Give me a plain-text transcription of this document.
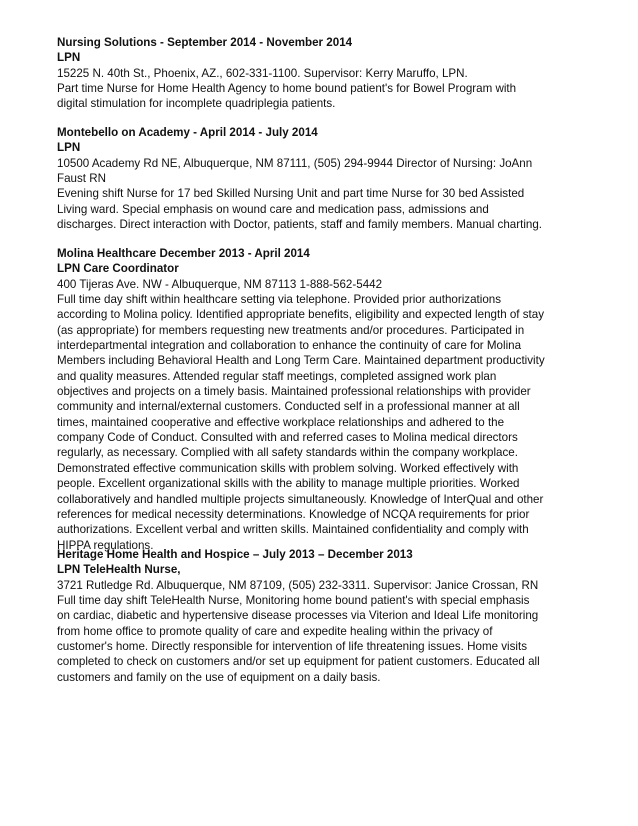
Nursing Solutions - September 2014 - November 2014

LPN

15225 N. 40th St., Phoenix, AZ., 602-331-1100. Supervisor: Kerry Maruffo, LPN.

Part time Nurse for Home Health Agency to home bound patient's for Bowel Program with

digital stimulation for incomplete quadriplegia patients.

Montebello on Academy - April 2014 - July 2014

LPN

10500 Academy Rd NE, Albuquerque, NM 87111, (505) 294-9944 Director of Nursing: JoAnn

Faust RN

Evening shift Nurse for 17 bed Skilled Nursing Unit and part time Nurse for 30 bed Assisted

Living ward. Special emphasis on wound care and medication pass, admissions and

discharges. Direct interaction with Doctor, patients, staff and family members. Manual charting.

Molina Healthcare December 2013 - April 2014

LPN Care Coordinator

400 Tijeras Ave. NW - Albuquerque, NM 87113 1-888-562-5442

Full time day shift within healthcare setting via telephone. Provided prior authorizations

according to Molina policy. Identified appropriate benefits, eligibility and expected length of stay

(as appropriate) for members requesting new treatments and/or procedures. Participated in

interdepartmental integration and collaboration to enhance the continuity of care for Molina

Members including Behavioral Health and Long Term Care. Maintained department productivity

and quality measures. Attended regular staff meetings, completed assigned work plan

objectives and projects on a timely basis. Maintained professional relationships with provider

community and internal/external customers. Conducted self in a professional manner at all

times, maintained cooperative and effective workplace relationships and adhered to the

company Code of Conduct. Consulted with and referred cases to Molina medical directors

regularly, as necessary. Complied with all safety standards within the company workplace.

Demonstrated effective communication skills with problem solving. Worked effectively with

people. Excellent organizational skills with the ability to manage multiple priorities. Worked

collaboratively and handled multiple projects simultaneously. Knowledge of InterQual and other

references for medical necessity determinations. Knowledge of NCQA requirements for prior

authorizations. Excellent verbal and written skills. Maintained confidentiality and comply with

HIPPA regulations.

Heritage Home Health and Hospice – July 2013 – December 2013

LPN TeleHealth Nurse,

3721 Rutledge Rd. Albuquerque, NM 87109, (505) 232-3311. Supervisor: Janice Crossan, RN

Full time day shift TeleHealth Nurse, Monitoring home bound patient's with special emphasis

on cardiac, diabetic and hypertensive disease processes via Viterion and Ideal Life monitoring

from home office to promote quality of care and expedite healing within the privacy of

customer's home. Directly responsible for intervention of life threatening issues. Home visits

completed to check on customers and/or set up equipment for patient customers. Educated all

customers and family on the use of equipment on a daily basis.
